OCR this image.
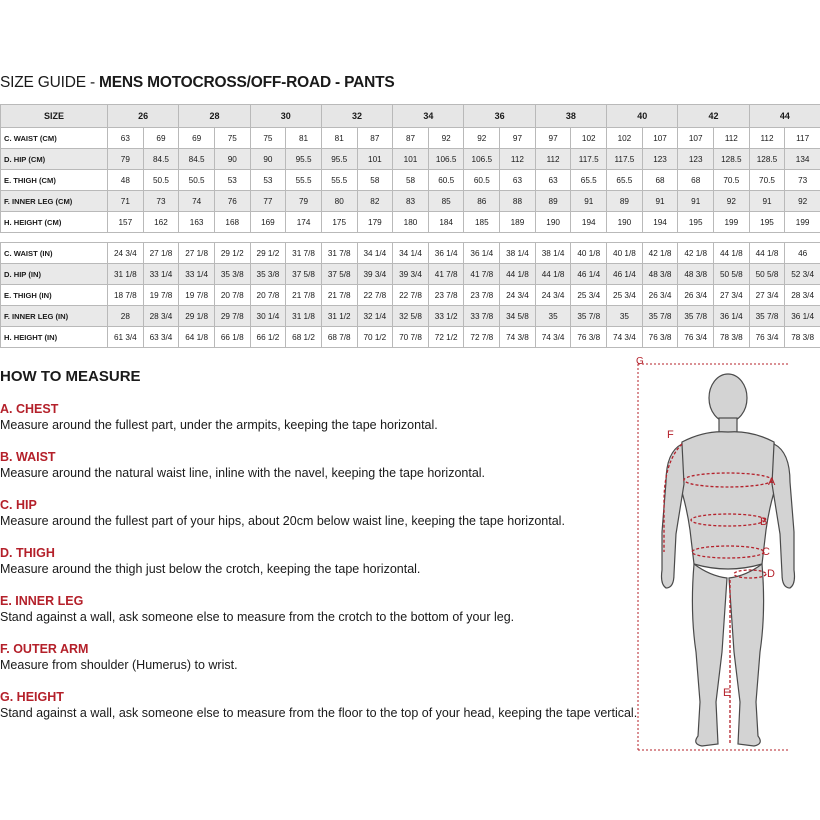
SIZE GUIDE - MENS MOTOCROSS/OFF-ROAD - PANTS
SIZE	26		28		30		32		34		36		38		40		42		44	
C. WAIST (CM)	63	69	69	75	75	81	81	87	87	92	92	97	97	102	102	107	107	112	112	117
D. HIP (CM)	79	84.5	84.5	90	90	95.5	95.5	101	101	106.5	106.5	112	112	117.5	117.5	123	123	128.5	128.5	134
E. THIGH (CM)	48	50.5	50.5	53	53	55.5	55.5	58	58	60.5	60.5	63	63	65.5	65.5	68	68	70.5	70.5	73
F. INNER LEG (CM)	71	73	74	76	77	79	80	82	83	85	86	88	89	91	89	91	91	92	91	92
H. HEIGHT (CM)	157	162	163	168	169	174	175	179	180	184	185	189	190	194	190	194	195	199	195	199

C. WAIST (IN)	24 3/4	27 1/8	27 1/8	29 1/2	29 1/2	31 7/8	31 7/8	34 1/4	34 1/4	36 1/4	36 1/4	38 1/4	38 1/4	40 1/8	40 1/8	42 1/8	42 1/8	44 1/8	44 1/8	46
D. HIP (IN)	31 1/8	33 1/4	33 1/4	35 3/8	35 3/8	37 5/8	37 5/8	39 3/4	39 3/4	41 7/8	41 7/8	44 1/8	44 1/8	46 1/4	46 1/4	48 3/8	48 3/8	50 5/8	50 5/8	52 3/4
E. THIGH (IN)	18 7/8	19 7/8	19 7/8	20 7/8	20 7/8	21 7/8	21 7/8	22 7/8	22 7/8	23 7/8	23 7/8	24 3/4	24 3/4	25 3/4	25 3/4	26 3/4	26 3/4	27 3/4	27 3/4	28 3/4
F. INNER LEG (IN)	28	28 3/4	29 1/8	29 7/8	30 1/4	31 1/8	31 1/2	32 1/4	32 5/8	33 1/2	33 7/8	34 5/8	35	35 7/8	35	35 7/8	35 7/8	36 1/4	35 7/8	36 1/4
H. HEIGHT (IN)	61 3/4	63 3/4	64 1/8	66 1/8	66 1/2	68 1/2	68 7/8	70 1/2	70 7/8	72 1/2	72 7/8	74 3/8	74 3/4	76 3/8	74 3/4	76 3/8	76 3/4	78 3/8	76 3/4	78 3/8
HOW TO MEASURE
A. CHEST
Measure around the fullest part, under the armpits, keeping the tape horizontal.
B. WAIST
Measure around the natural waist line, inline with the navel, keeping the tape horizontal.
C. HIP
Measure around the fullest part of your hips, about 20cm below waist line, keeping the tape horizontal.
D. THIGH
Measure around the thigh just below the crotch, keeping the tape horizontal.
E. INNER LEG
Stand against a wall, ask someone else to measure from the crotch to the bottom of your leg.
F. OUTER ARM
Measure from shoulder (Humerus) to wrist.
G. HEIGHT
Stand against a wall, ask someone else to measure from the floor to the top of your head, keeping the tape vertical.
G
A
B
C
D
E
F
